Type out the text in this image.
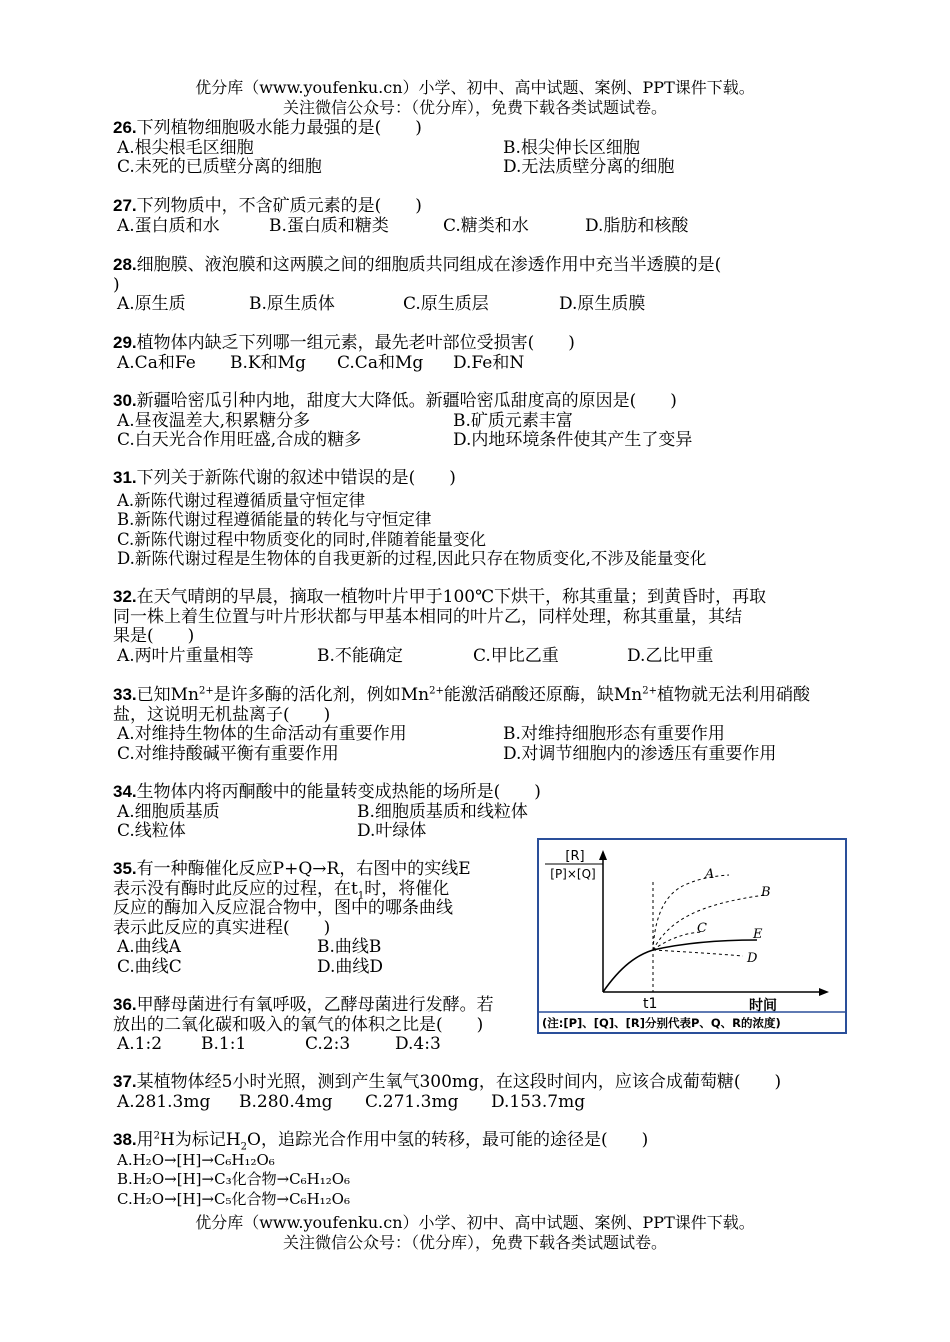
优分库（www.youfenku.cn）小学、初中、高中试题、案例、PPT课件下载。
关注微信公众号：（优分库），免费下载各类试题试卷。
26.下列植物细胞吸水能力最强的是(　　)
A.根尖根毛区细胞	B.根尖伸长区细胞
C.未死的已质壁分离的细胞	D.无法质壁分离的细胞
27.下列物质中，不含矿质元素的是(　　)
A.蛋白质和水	B.蛋白质和糖类	C.糖类和水	D.脂肪和核酸
28.细胞膜、液泡膜和这两膜之间的细胞质共同组成在渗透作用中充当半透膜的是(
)
A.原生质	B.原生质体	C.原生质层	D.原生质膜
29.植物体内缺乏下列哪一组元素，最先老叶部位受损害(　　)
A.Ca和Fe B.K和Mg C.Ca和Mg D.Fe和N
30.新疆哈密瓜引种内地，甜度大大降低。新疆哈密瓜甜度高的原因是(　　)
A.昼夜温差大,积累糖分多	B.矿质元素丰富
C.白天光合作用旺盛,合成的糖多	D.内地环境条件使其产生了变异
31.下列关于新陈代谢的叙述中错误的是(　　)
A.新陈代谢过程遵循质量守恒定律
B.新陈代谢过程遵循能量的转化与守恒定律
C.新陈代谢过程中物质变化的同时,伴随着能量变化
D.新陈代谢过程是生物体的自我更新的过程,因此只存在物质变化,不涉及能量变化
32.在天气晴朗的早晨，摘取一植物叶片甲于100℃下烘干，称其重量；到黄昏时，再取
同一株上着生位置与叶片形状都与甲基本相同的叶片乙，同样处理，称其重量，其结
果是(　　)
A.两叶片重量相等	B.不能确定	C.甲比乙重	D.乙比甲重
33.已知$Mn^{2+}$是许多酶的活化剂，例如$Mn^{2+}$能激活硝酸还原酶，缺$Mn^{2+}$植物就无法利用硝酸
盐，这说明无机盐离子(　　)
A.对维持生物体的生命活动有重要作用	B.对维持细胞形态有重要作用
C.对维持酸碱平衡有重要作用	D.对调节细胞内的渗透压有重要作用
34.生物体内将丙酮酸中的能量转变成热能的场所是(　　)
A.细胞质基质	B.细胞质基质和线粒体
C.线粒体	D.叶绿体
35.有一种酶催化反应P+Q→R，右图中的实线E
表示没有酶时此反应的过程，在$t_1$时，将催化
反应的酶加入反应混合物中，图中的哪条曲线
表示此反应的真实进程(　　)
A.曲线A	B.曲线B
C.曲线C	D.曲线D
36.甲酵母菌进行有氧呼吸，乙酵母菌进行发酵。若
放出的二氧化碳和吸入的氧气的体积之比是(　　)
A.1:2 B.1:1	C.2:3	D.4:3
[R]
[P]×[Q]	A
B
C	E
D
t1	时间
(注:[P]、[Q]、[R]分别代表P、Q、R的浓度)
37.某植物体经5小时光照，测到产生氧气300mg，在这段时间内，应该合成葡萄糖(　　)
A.281.3mg B.280.4mg C.271.3mg D.153.7mg
38.用$^2$H为标记$H_2O$，追踪光合作用中氢的转移，最可能的途径是(　　)
A.H₂O→[H]→C₆H₁₂O₆
B.H₂O→[H]→C₃化合物→C₆H₁₂O₆
C.H₂O→[H]→C₅化合物→C₆H₁₂O₆
优分库（www.youfenku.cn）小学、初中、高中试题、案例、PPT课件下载。
关注微信公众号：（优分库），免费下载各类试题试卷。
